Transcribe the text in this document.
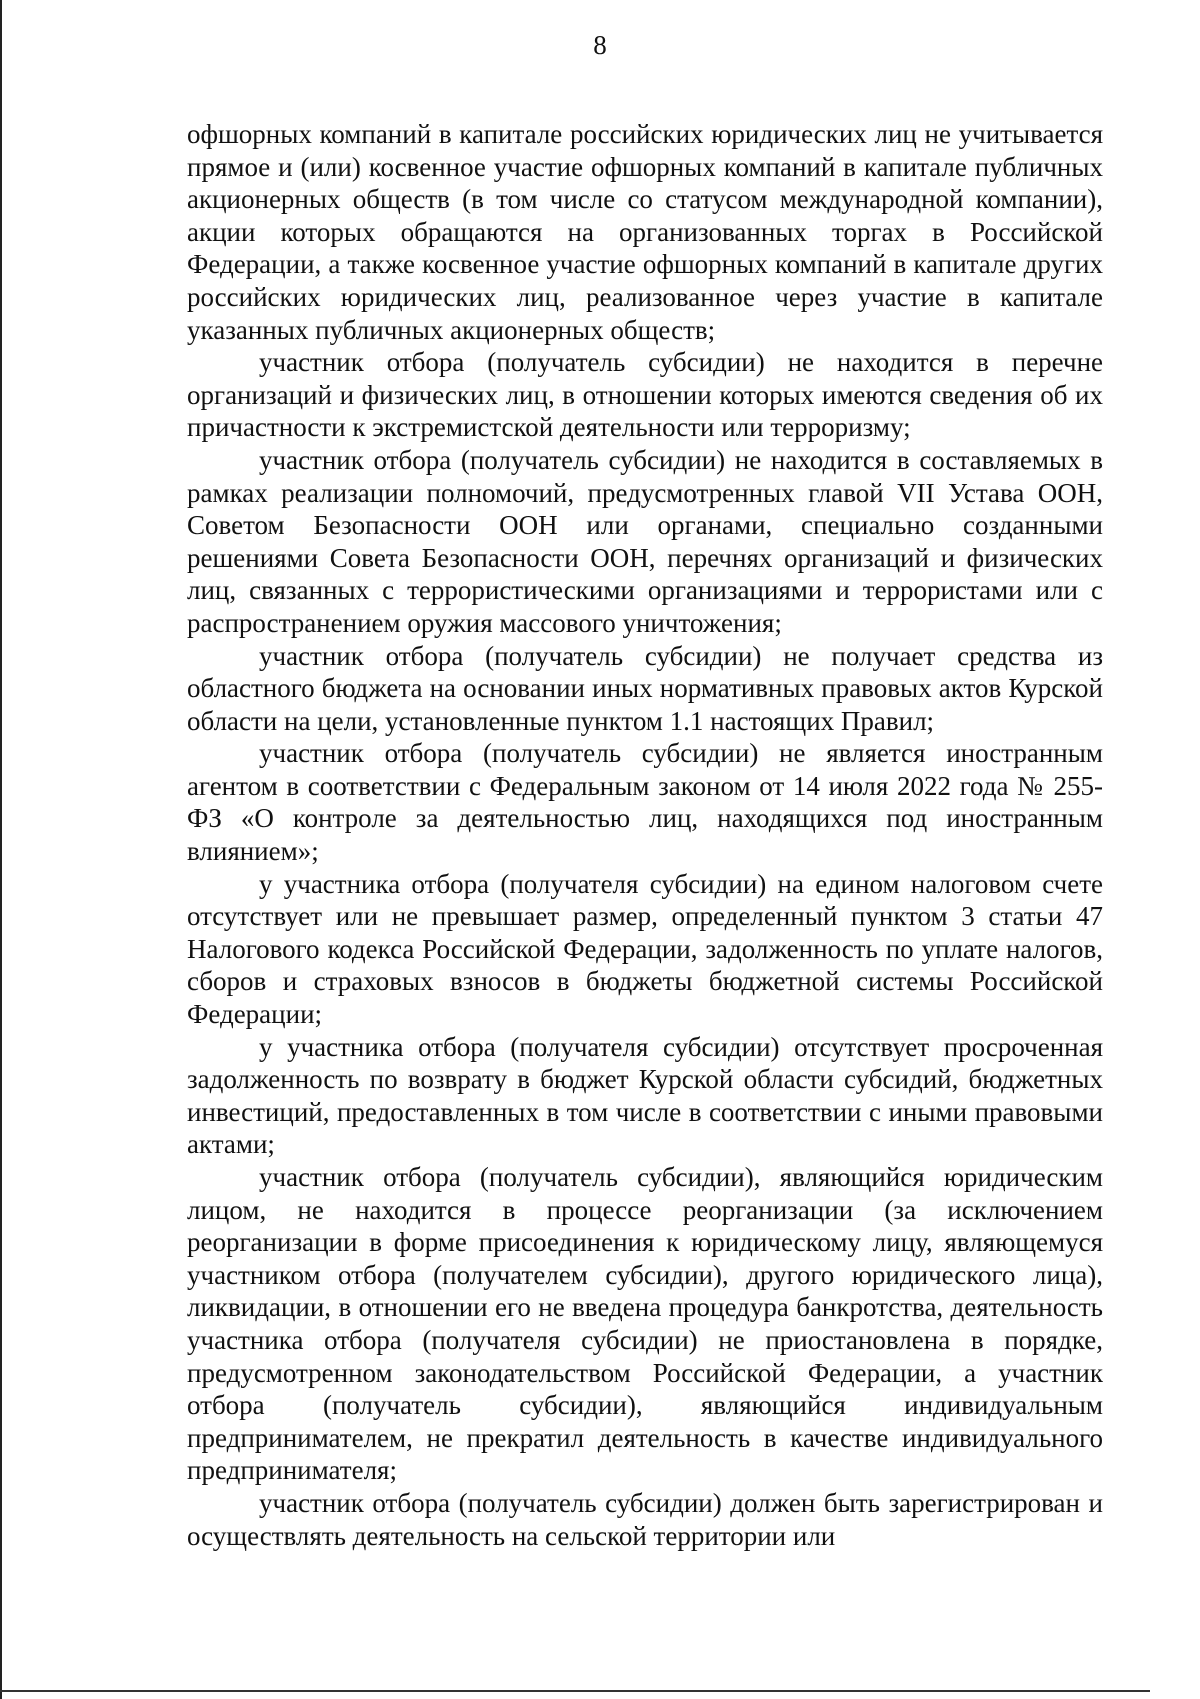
8

офшорных компаний в капитале российских юридических лиц не учитывается прямое и (или) косвенное участие офшорных компаний в капитале публичных акционерных обществ (в том числе со статусом международной компании), акции которых обращаются на организованных торгах в Российской Федерации, а также косвенное участие офшорных компаний в капитале других российских юридических лиц, реализованное через участие в капитале указанных публичных акционерных обществ;

участник отбора (получатель субсидии) не находится в перечне организаций и физических лиц, в отношении которых имеются сведения об их причастности к экстремистской деятельности или терроризму;

участник отбора (получатель субсидии) не находится в составляемых в рамках реализации полномочий, предусмотренных главой VII Устава ООН, Советом Безопасности ООН или органами, специально созданными решениями Совета Безопасности ООН, перечнях организаций и физических лиц, связанных с террористическими организациями и террористами или с распространением оружия массового уничтожения;

участник отбора (получатель субсидии) не получает средства из областного бюджета на основании иных нормативных правовых актов Курской области на цели, установленные пунктом 1.1 настоящих Правил;

участник отбора (получатель субсидии) не является иностранным агентом в соответствии с Федеральным законом от 14 июля 2022 года № 255-ФЗ «О контроле за деятельностью лиц, находящихся под иностранным влиянием»;

у участника отбора (получателя субсидии) на едином налоговом счете отсутствует или не превышает размер, определенный пунктом 3 статьи 47 Налогового кодекса Российской Федерации, задолженность по уплате налогов, сборов и страховых взносов в бюджеты бюджетной системы Российской Федерации;

у участника отбора (получателя субсидии) отсутствует просроченная задолженность по возврату в бюджет Курской области субсидий, бюджетных инвестиций, предоставленных в том числе в соответствии с иными правовыми актами;

участник отбора (получатель субсидии), являющийся юридическим лицом, не находится в процессе реорганизации (за исключением реорганизации в форме присоединения к юридическому лицу, являющемуся участником отбора (получателем субсидии), другого юридического лица), ликвидации, в отношении его не введена процедура банкротства, деятельность участника отбора (получателя субсидии) не приостановлена в порядке, предусмотренном законодательством Российской Федерации, а участник отбора (получатель субсидии), являющийся индивидуальным предпринимателем, не прекратил деятельность в качестве индивидуального предпринимателя;

участник отбора (получатель субсидии) должен быть зарегистрирован и осуществлять деятельность на сельской территории или
